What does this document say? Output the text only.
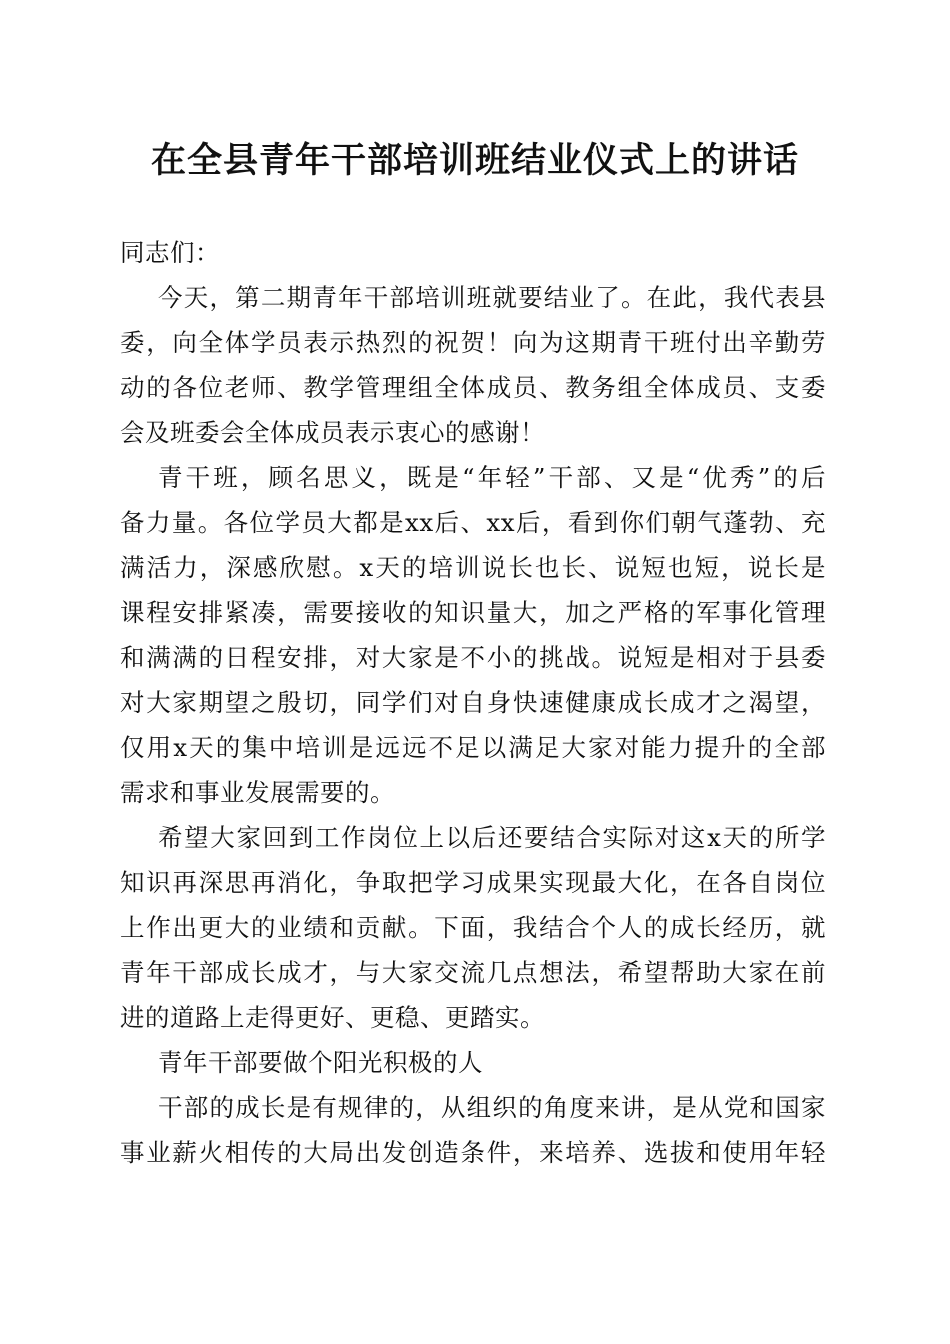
在全县青年干部培训班结业仪式上的讲话
同志们：
今天，第二期青年干部培训班就要结业了。在此，我代表县
委，向全体学员表示热烈的祝贺！向为这期青干班付出辛勤劳
动的各位老师、教学管理组全体成员、教务组全体成员、支委
会及班委会全体成员表示衷心的感谢！
青干班，顾名思义，既是“年轻”干部、又是“优秀”的后
备力量。各位学员大都是xx后、xx后，看到你们朝气蓬勃、充
满活力，深感欣慰。x天的培训说长也长、说短也短，说长是
课程安排紧凑，需要接收的知识量大，加之严格的军事化管理
和满满的日程安排，对大家是不小的挑战。说短是相对于县委
对大家期望之殷切，同学们对自身快速健康成长成才之渴望，
仅用x天的集中培训是远远不足以满足大家对能力提升的全部
需求和事业发展需要的。
希望大家回到工作岗位上以后还要结合实际对这x天的所学
知识再深思再消化，争取把学习成果实现最大化，在各自岗位
上作出更大的业绩和贡献。下面，我结合个人的成长经历，就
青年干部成长成才，与大家交流几点想法，希望帮助大家在前
进的道路上走得更好、更稳、更踏实。
青年干部要做个阳光积极的人
干部的成长是有规律的，从组织的角度来讲，是从党和国家
事业薪火相传的大局出发创造条件，来培养、选拔和使用年轻
